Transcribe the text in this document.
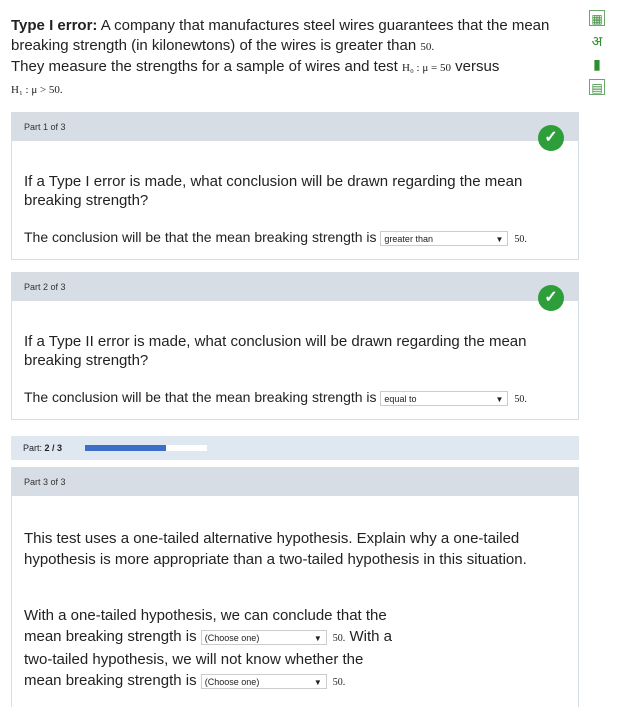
Type I error: A company that manufactures steel wires guarantees that the mean breaking strength (in kilonewtons) of the wires is greater than 50.
They measure the strengths for a sample of wires and test H₀ : μ = 50 versus
H₁ : μ > 50.
▦
अ
▮
▤
Part 1 of 3
✓
If a Type I error is made, what conclusion will be drawn regarding the mean breaking strength?
The conclusion will be that the mean breaking strength is greater than	▼ 50.
Part 2 of 3
✓
If a Type II error is made, what conclusion will be drawn regarding the mean breaking strength?
The conclusion will be that the mean breaking strength is equal to	▼ 50.
Part: 2 / 3
Part 3 of 3
This test uses a one-tailed alternative hypothesis. Explain why a one-tailed hypothesis is more appropriate than a two-tailed hypothesis in this situation.
With a one-tailed hypothesis, we can conclude that the
mean breaking strength is (Choose one)	▼ 50. With a
two-tailed hypothesis, we will not know whether the
mean breaking strength is (Choose one)	▼ 50.
